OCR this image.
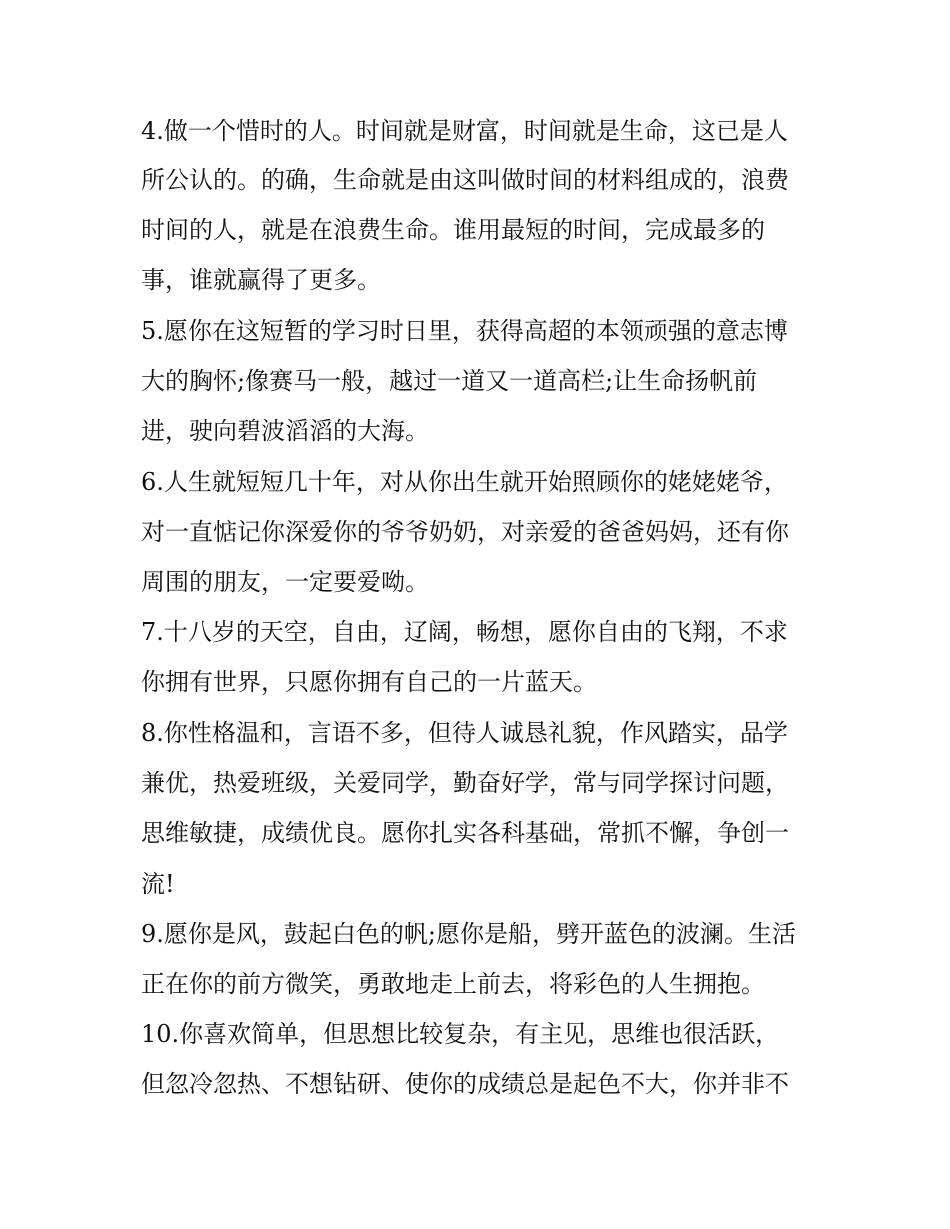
4.做一个惜时的人。时间就是财富，时间就是生命，这已是人
所公认的。的确，生命就是由这叫做时间的材料组成的，浪费
时间的人，就是在浪费生命。谁用最短的时间，完成最多的
事，谁就赢得了更多。
5.愿你在这短暂的学习时日里，获得高超的本领顽强的意志博
大的胸怀;像赛马一般，越过一道又一道高栏;让生命扬帆前
进，驶向碧波滔滔的大海。
6.人生就短短几十年，对从你出生就开始照顾你的姥姥姥爷，
对一直惦记你深爱你的爷爷奶奶，对亲爱的爸爸妈妈，还有你
周围的朋友，一定要爱呦。
7.十八岁的天空，自由，辽阔，畅想，愿你自由的飞翔，不求
你拥有世界，只愿你拥有自己的一片蓝天。
8.你性格温和，言语不多，但待人诚恳礼貌，作风踏实，品学
兼优，热爱班级，关爱同学，勤奋好学，常与同学探讨问题，
思维敏捷，成绩优良。愿你扎实各科基础，常抓不懈，争创一
流!
9.愿你是风，鼓起白色的帆;愿你是船，劈开蓝色的波澜。生活
正在你的前方微笑，勇敢地走上前去，将彩色的人生拥抱。
10.你喜欢简单，但思想比较复杂，有主见，思维也很活跃，
但忽冷忽热、不想钻研、使你的成绩总是起色不大，你并非不
